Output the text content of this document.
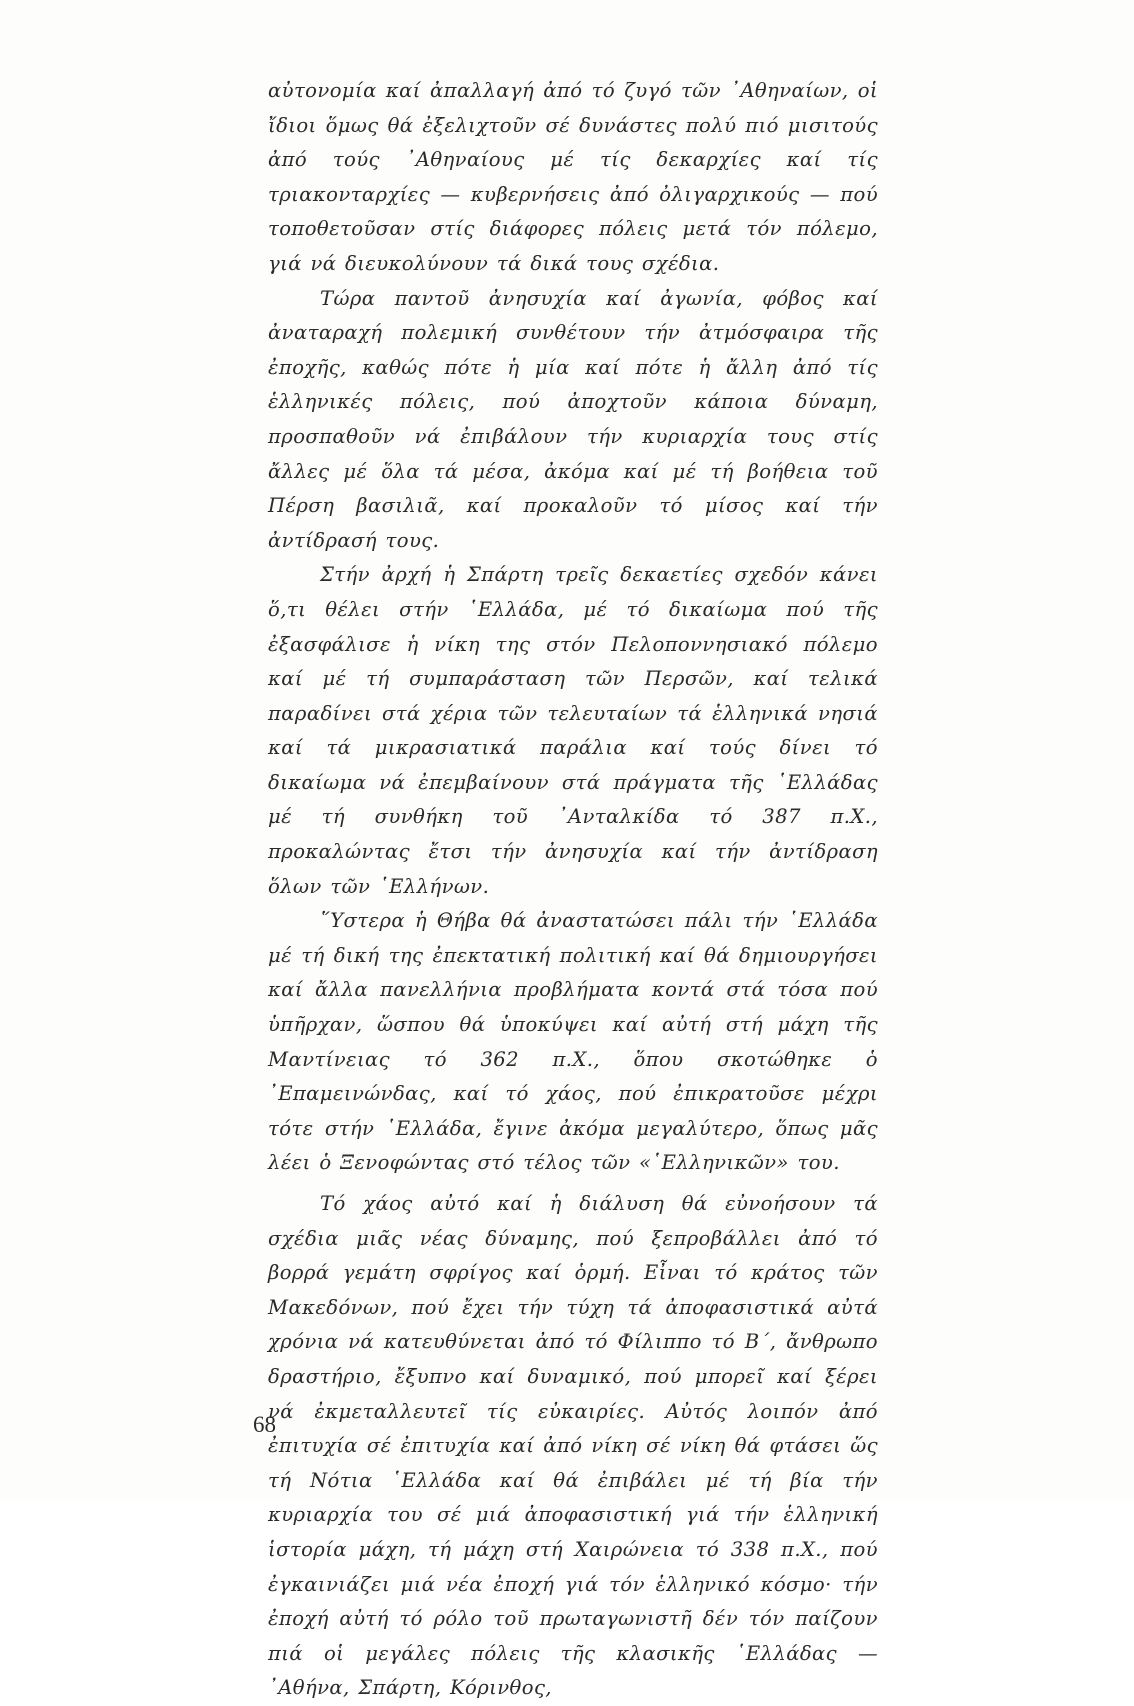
αὐτονομία καί ἀπαλλαγή ἀπό τό ζυγό τῶν ᾿Αθηναίων, οἱ ἴδιοι ὅμως θά ἐξελιχτοῦν σέ δυνάστες πολύ πιό μισιτούς ἀπό τούς ᾿Αθηναίους μέ τίς δεκαρχίες καί τίς τριακονταρχίες — κυβερνήσεις ἀπό ὀλιγαρχικούς — πού τοποθετοῦσαν στίς διάφορες πόλεις μετά τόν πόλεμο, γιά νά διευκολύνουν τά δικά τους σχέδια.

Τώρα παντοῦ ἀνησυχία καί ἀγωνία, φόβος καί ἀναταραχή πολεμική συνθέτουν τήν ἀτμόσφαιρα τῆς ἐποχῆς, καθώς πότε ἡ μία καί πότε ἡ ἄλλη ἀπό τίς ἑλληνικές πόλεις, πού ἀποχτοῦν κάποια δύναμη, προσπαθοῦν νά ἐπιβάλουν τήν κυριαρχία τους στίς ἄλλες μέ ὅλα τά μέσα, ἀκόμα καί μέ τή βοήθεια τοῦ Πέρση βασιλιᾶ, καί προκαλοῦν τό μίσος καί τήν ἀντίδρασή τους.

Στήν ἀρχή ἡ Σπάρτη τρεῖς δεκαετίες σχεδόν κάνει ὅ,τι θέλει στήν ῾Ελλάδα, μέ τό δικαίωμα πού τῆς ἐξασφάλισε ἡ νίκη της στόν Πελοποννησιακό πόλεμο καί μέ τή συμπαράσταση τῶν Περσῶν, καί τελικά παραδίνει στά χέρια τῶν τελευταίων τά ἑλληνικά νησιά καί τά μικρασιατικά παράλια καί τούς δίνει τό δικαίωμα νά ἐπεμβαίνουν στά πράγματα τῆς ῾Ελλάδας μέ τή συνθήκη τοῦ ᾿Ανταλκίδα τό 387 π.Χ., προκαλώντας ἔτσι τήν ἀνησυχία καί τήν ἀντίδραση ὅλων τῶν ῾Ελλήνων.

῞Υστερα ἡ Θήβα θά ἀναστατώσει πάλι τήν ῾Ελλάδα μέ τή δική της ἐπεκτατική πολιτική καί θά δημιουργήσει καί ἄλλα πανελλήνια προβλήματα κοντά στά τόσα πού ὑπῆρχαν, ὥσπου θά ὑποκύψει καί αὐτή στή μάχη τῆς Μαντίνειας τό 362 π.Χ., ὅπου σκοτώθηκε ὁ ᾿Επαμεινώνδας, καί τό χάος, πού ἐπικρατοῦσε μέχρι τότε στήν ῾Ελλάδα, ἔγινε ἀκόμα μεγαλύτερο, ὅπως μᾶς λέει ὁ Ξενοφώντας στό τέλος τῶν «῾Ελληνικῶν» του.

Τό χάος αὐτό καί ἡ διάλυση θά εὐνοήσουν τά σχέδια μιᾶς νέας δύναμης, πού ξεπροβάλλει ἀπό τό βορρά γεμάτη σφρίγος καί ὁρμή. Εἶναι τό κράτος τῶν Μακεδόνων, πού ἔχει τήν τύχη τά ἀποφασιστικά αὐτά χρόνια νά κατευθύνεται ἀπό τό Φίλιππο τό Β΄, ἄνθρωπο δραστήριο, ἔξυπνο καί δυναμικό, πού μπορεῖ καί ξέρει νά ἐκμεταλλευτεῖ τίς εὐκαιρίες. Αὐτός λοιπόν ἀπό ἐπιτυχία σέ ἐπιτυχία καί ἀπό νίκη σέ νίκη θά φτάσει ὥς τή Νότια ῾Ελλάδα καί θά ἐπιβάλει μέ τή βία τήν κυριαρχία του σέ μιά ἀποφασιστική γιά τήν ἑλληνική ἱστορία μάχη, τή μάχη στή Χαιρώνεια τό 338 π.Χ., πού ἐγκαινιάζει μιά νέα ἐποχή γιά τόν ἑλληνικό κόσμο· τήν ἐποχή αὐτή τό ρόλο τοῦ πρωταγωνιστῆ δέν τόν παίζουν πιά οἱ μεγάλες πόλεις τῆς κλασικῆς ῾Ελλάδας — ᾿Αθήνα, Σπάρτη, Κόρινθος,

68
